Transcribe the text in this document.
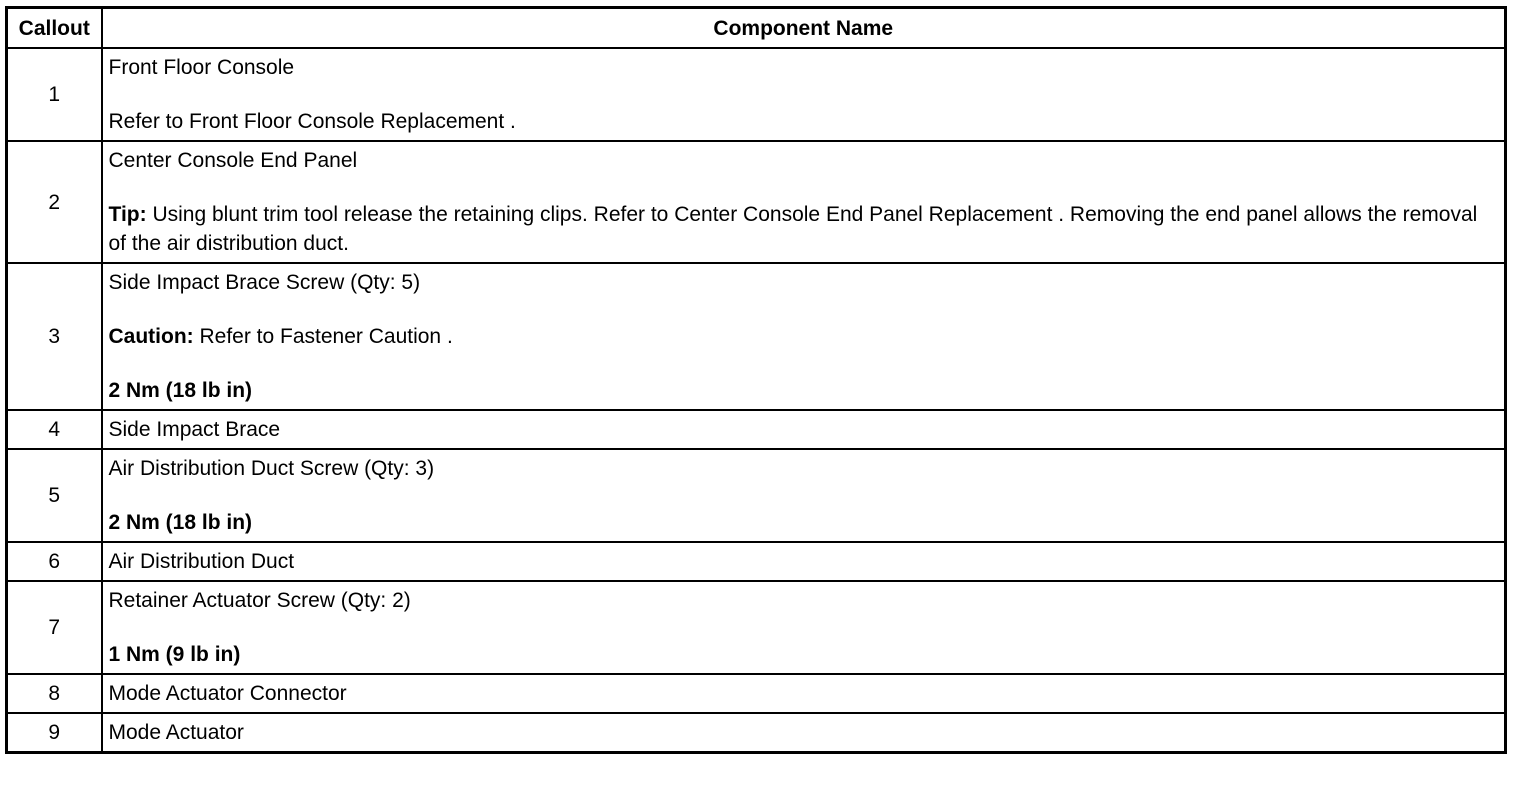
Callout	Component Name
1	Front Floor Console

Refer to Front Floor Console Replacement .

2	Center Console End Panel

Tip: Using blunt trim tool release the retaining clips. Refer to Center Console End Panel Replacement . Removing the end panel allows the removal of the air distribution duct.

3	Side Impact Brace Screw (Qty: 5)

Caution: Refer to Fastener Caution .

2 Nm (18 lb in)

4	Side Impact Brace

5	Air Distribution Duct Screw (Qty: 3)

2 Nm (18 lb in)

6	Air Distribution Duct

7	Retainer Actuator Screw (Qty: 2)

1 Nm (9 lb in)

8	Mode Actuator Connector

9	Mode Actuator
